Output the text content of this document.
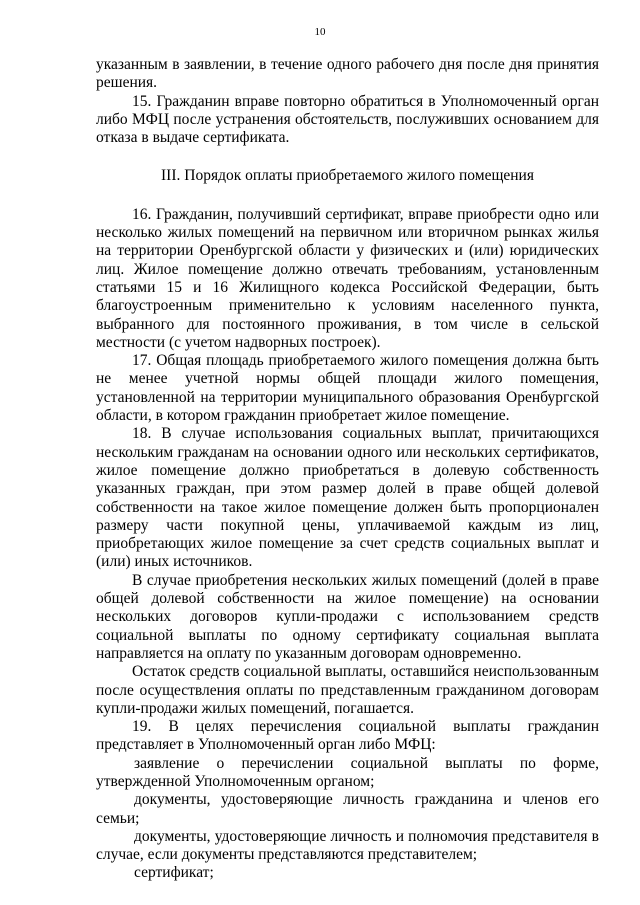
10

указанным в заявлении, в течение одного рабочего дня после дня принятия решения.

15. Гражданин вправе повторно обратиться в Уполномоченный орган либо МФЦ после устранения обстоятельств, послуживших основанием для отказа в выдаче сертификата.

III. Порядок оплаты приобретаемого жилого помещения

16. Гражданин, получивший сертификат, вправе приобрести одно или несколько жилых помещений на первичном или вторичном рынках жилья на территории Оренбургской области у физических и (или) юридических лиц. Жилое помещение должно отвечать требованиям, установленным статьями 15 и 16 Жилищного кодекса Российской Федерации, быть благоустроенным применительно к условиям населенного пункта, выбранного для постоянного проживания, в том числе в сельской местности (с учетом надворных построек).

17. Общая площадь приобретаемого жилого помещения должна быть не менее учетной нормы общей площади жилого помещения, установленной на территории муниципального образования Оренбургской области, в котором гражданин приобретает жилое помещение.

18. В случае использования социальных выплат, причитающихся нескольким гражданам на основании одного или нескольких сертификатов, жилое помещение должно приобретаться в долевую собственность указанных граждан, при этом размер долей в праве общей долевой собственности на такое жилое помещение должен быть пропорционален размеру части покупной цены, уплачиваемой каждым из лиц, приобретающих жилое помещение за счет средств социальных выплат и (или) иных источников.

В случае приобретения нескольких жилых помещений (долей в праве общей долевой собственности на жилое помещение) на основании нескольких договоров купли-продажи с использованием средств социальной выплаты по одному сертификату социальная выплата направляется на оплату по указанным договорам одновременно.

Остаток средств социальной выплаты, оставшийся неиспользованным после осуществления оплаты по представленным гражданином договорам купли-продажи жилых помещений, погашается.

19. В целях перечисления социальной выплаты гражданин представляет в Уполномоченный орган либо МФЦ:

заявление о перечислении социальной выплаты по форме, утвержденной Уполномоченным органом;

документы, удостоверяющие личность гражданина и членов его семьи;

документы, удостоверяющие личность и полномочия представителя в случае, если документы представляются представителем;

сертификат;
